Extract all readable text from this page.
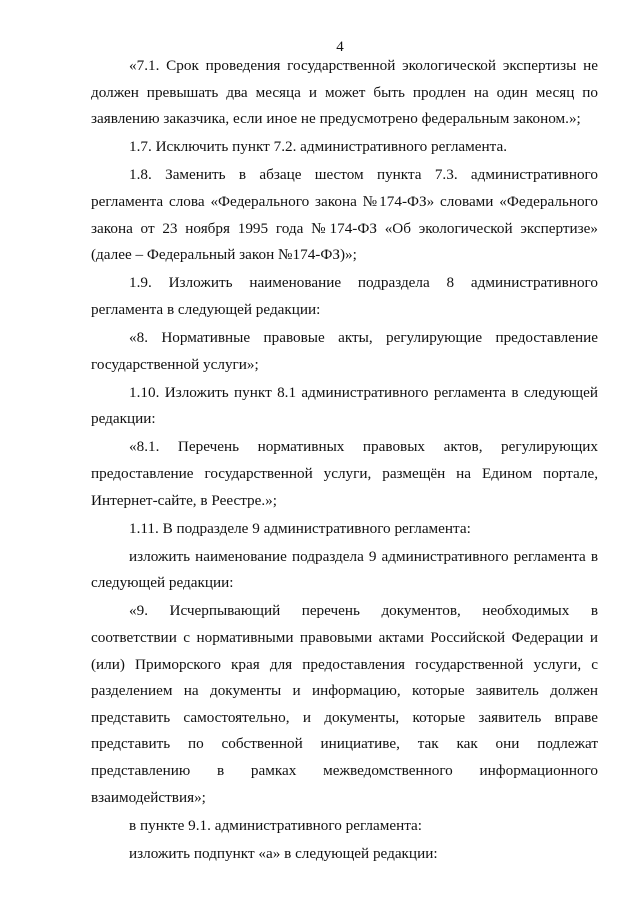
4

«7.1. Срок проведения государственной экологической экспертизы не должен превышать два месяца и может быть продлен на один месяц по заявлению заказчика, если иное не предусмотрено федеральным законом.»;

1.7. Исключить пункт 7.2. административного регламента.

1.8. Заменить в абзаце шестом пункта 7.3. административного регламента слова «Федерального закона №174-ФЗ» словами «Федерального закона от 23 ноября 1995 года №174-ФЗ «Об экологической экспертизе» (далее – Федеральный закон №174-ФЗ)»;

1.9. Изложить наименование подраздела 8 административного регламента в следующей редакции:

«8. Нормативные правовые акты, регулирующие предоставление государственной услуги»;

1.10. Изложить пункт 8.1 административного регламента в следующей редакции:

«8.1. Перечень нормативных правовых актов, регулирующих предоставление государственной услуги, размещён на Едином портале, Интернет-сайте, в Реестре.»;

1.11. В подразделе 9 административного регламента:

изложить наименование подраздела 9 административного регламента в следующей редакции:

«9. Исчерпывающий перечень документов, необходимых в соответствии с нормативными правовыми актами Российской Федерации и (или) Приморского края для предоставления государственной услуги, с разделением на документы и информацию, которые заявитель должен представить самостоятельно, и документы, которые заявитель вправе представить по собственной инициативе, так как они подлежат представлению в рамках межведомственного информационного взаимодействия»;

в пункте 9.1. административного регламента:

изложить подпункт «а» в следующей редакции:
